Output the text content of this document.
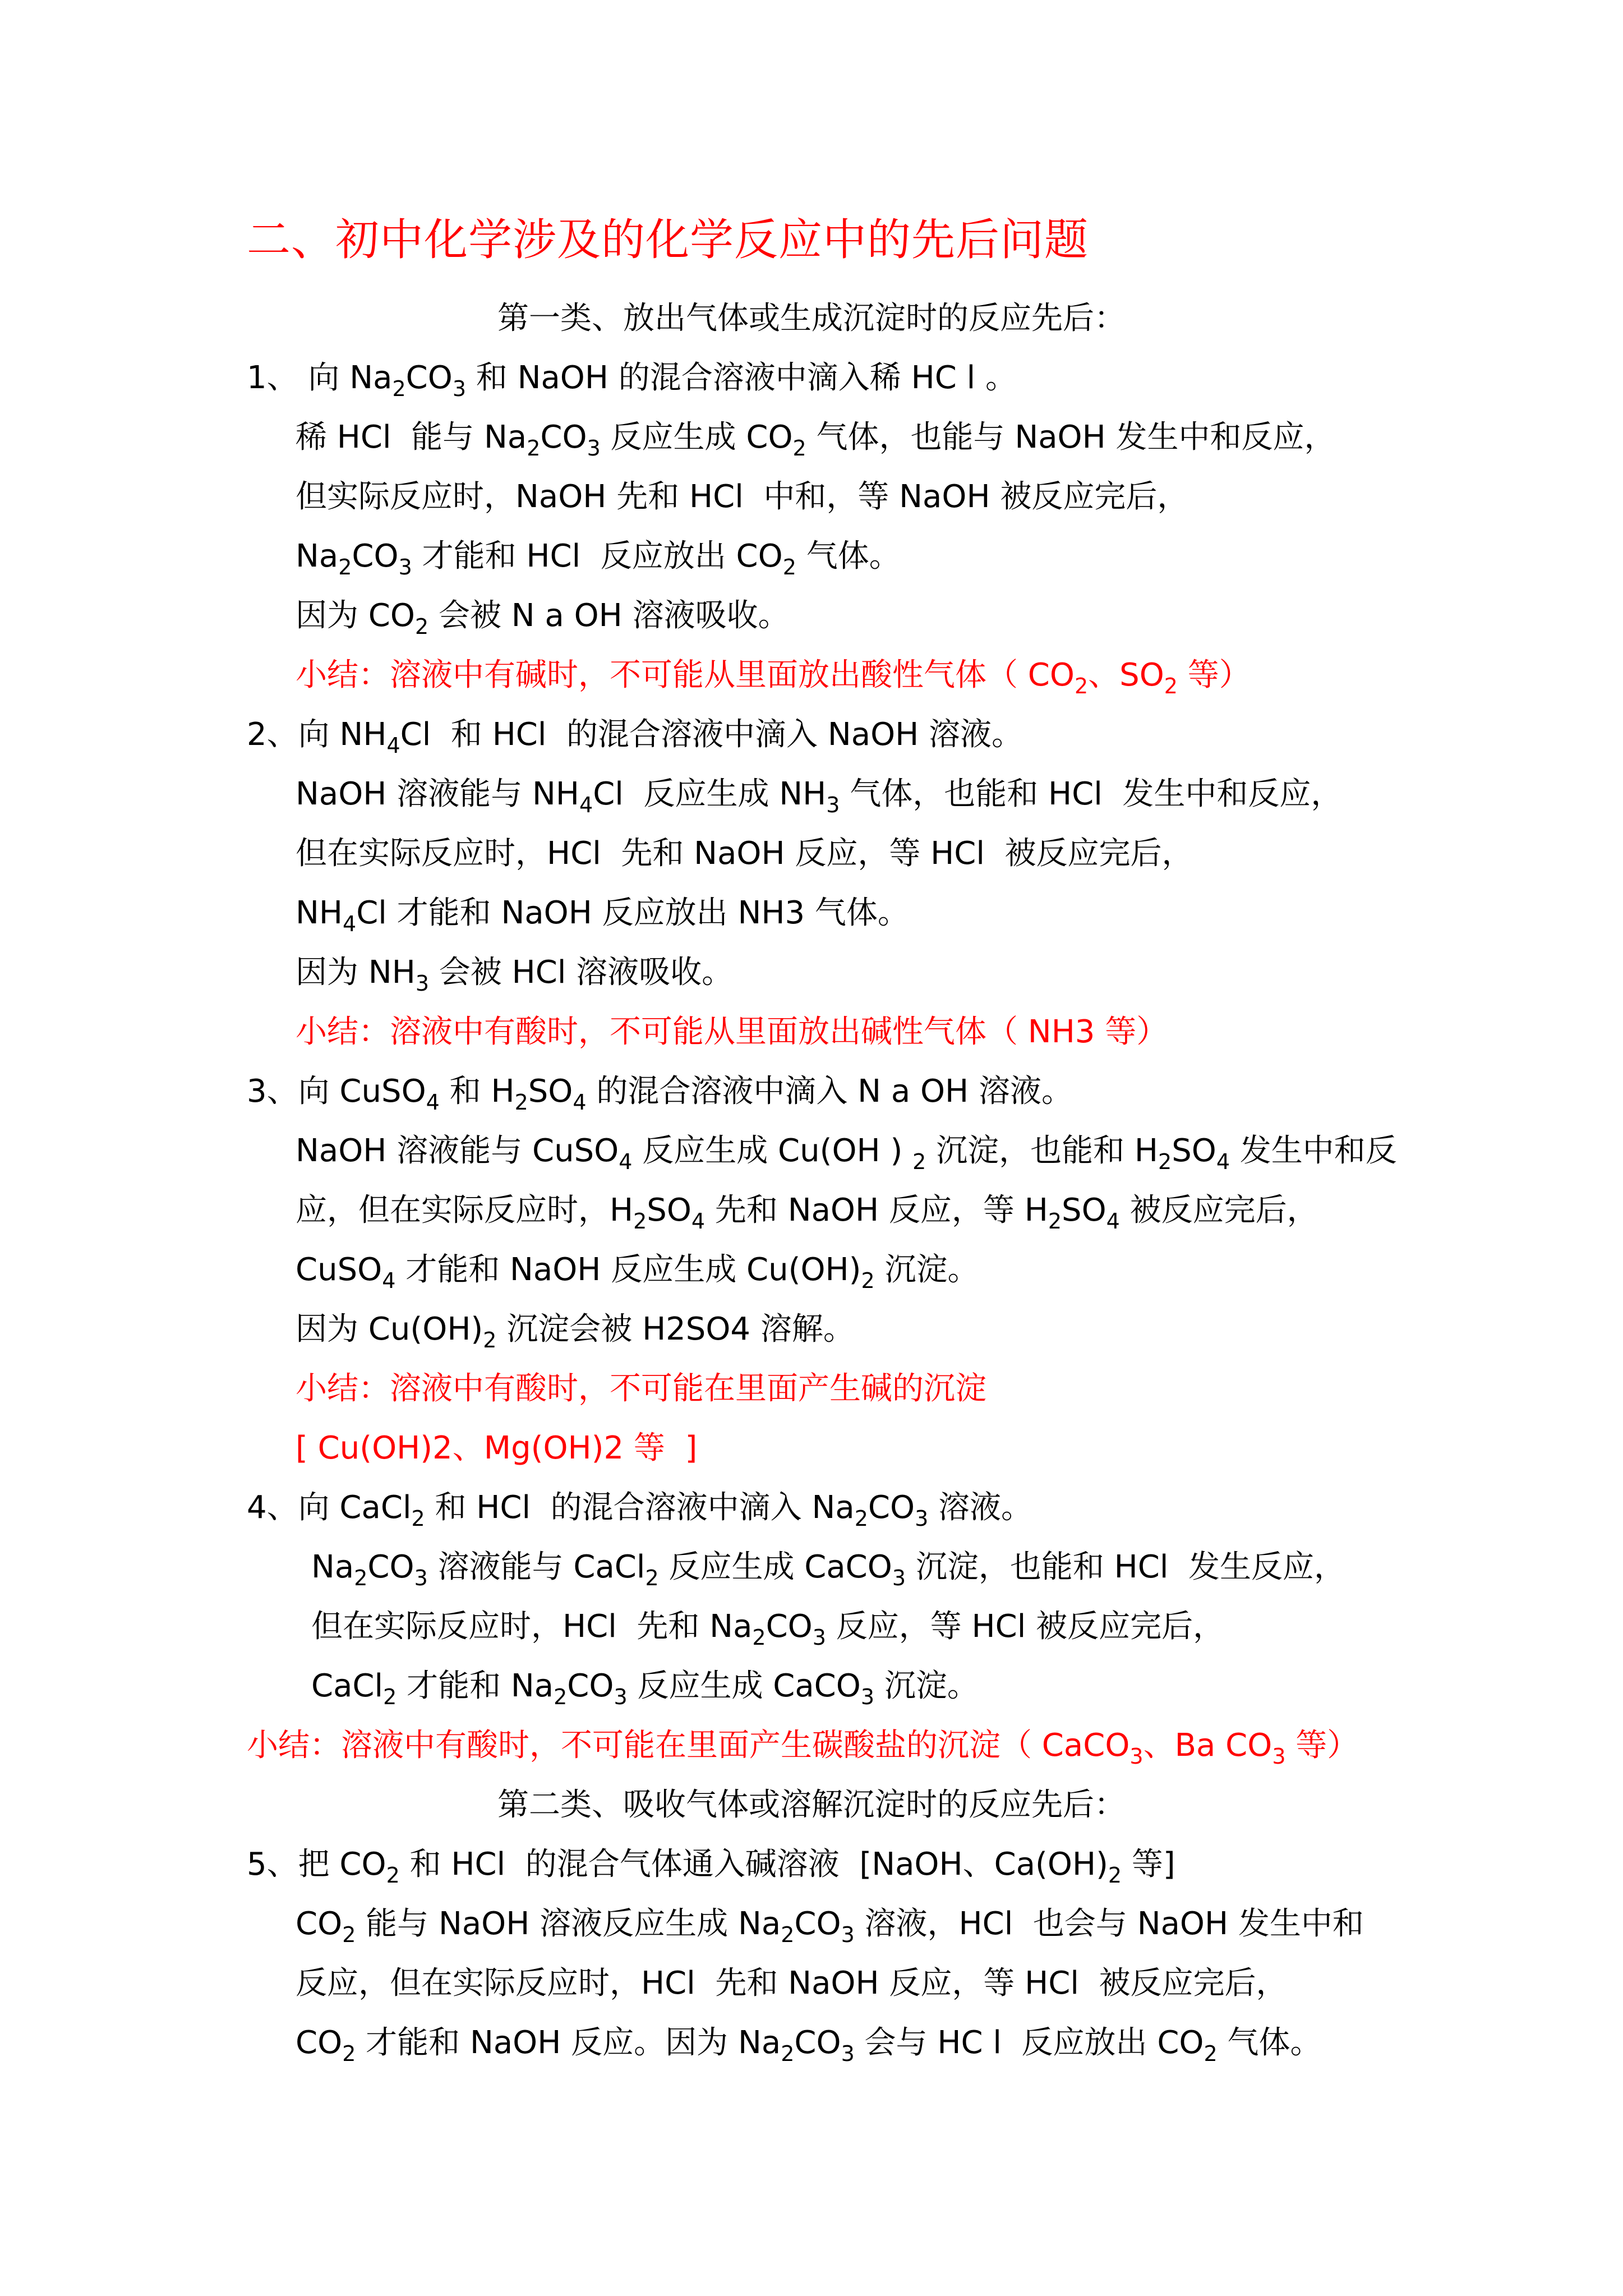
二、初中化学涉及的化学反应中的先后问题
第一类、放出气体或生成沉淀时的反应先后：
1、 向 $Na_2CO_3$ 和 NaOH 的混合溶液中滴入稀 HC l 。
稀 HCl  能与 $Na_2CO_3$ 反应生成 $CO_2$ 气体，也能与 NaOH 发生中和反应，
但实际反应时，NaOH 先和 HCl  中和，等 NaOH 被反应完后，
$Na_2CO_3$ 才能和 HCl  反应放出 $CO_2$ 气体。
因为 $CO_2$ 会被 N a OH 溶液吸收。
小结：溶液中有碱时，不可能从里面放出酸性气体（ $CO_2$、$SO_2$ 等）
2、向 $NH_4Cl$  和 HCl  的混合溶液中滴入 NaOH 溶液。
NaOH 溶液能与 $NH_4Cl$  反应生成 $NH_3$ 气体，也能和 HCl  发生中和反应，
但在实际反应时，HCl  先和 NaOH 反应，等 HCl  被反应完后，
$NH_4Cl$ 才能和 NaOH 反应放出 NH3 气体。
因为 $NH_3$ 会被 HCl 溶液吸收。
小结：溶液中有酸时，不可能从里面放出碱性气体（ NH3 等）
3、向 CuSO$_4$ 和 $H_2SO_4$ 的混合溶液中滴入 N a OH 溶液。
NaOH 溶液能与 CuSO$_4$ 反应生成 Cu(OH ) $_2$ 沉淀，也能和 $H_2SO_4$ 发生中和反
应，但在实际反应时，$H_2SO_4$ 先和 NaOH 反应，等 $H_2SO_4$ 被反应完后，
CuSO$_4$ 才能和 NaOH 反应生成 $Cu(OH)_2$ 沉淀。
因为 $Cu(OH)_2$ 沉淀会被 H2SO4 溶解。
小结：溶液中有酸时，不可能在里面产生碱的沉淀
[ Cu(OH)2、Mg(OH)2 等  ]
4、向 CaCl$_2$ 和 HCl  的混合溶液中滴入 $Na_2CO_3$ 溶液。
$Na_2CO_3$ 溶液能与 CaCl$_2$ 反应生成 CaCO$_3$ 沉淀，也能和 HCl  发生反应，
但在实际反应时，HCl  先和 $Na_2CO_3$ 反应，等 HCl 被反应完后，
CaCl$_2$ 才能和 $Na_2CO_3$ 反应生成 CaCO$_3$ 沉淀。
小结：溶液中有酸时，不可能在里面产生碳酸盐的沉淀（ CaCO$_3$、Ba $CO_3$ 等）
第二类、吸收气体或溶解沉淀时的反应先后：
5、把 $CO_2$ 和 HCl  的混合气体通入碱溶液  [NaOH、$Ca(OH)_2$ 等]
$CO_2$ 能与 NaOH 溶液反应生成 $Na_2CO_3$ 溶液，HCl  也会与 NaOH 发生中和
反应，但在实际反应时，HCl  先和 NaOH 反应，等 HCl  被反应完后，
$CO_2$ 才能和 NaOH 反应。因为 $Na_2CO_3$ 会与 HC l  反应放出 $CO_2$ 气体。
